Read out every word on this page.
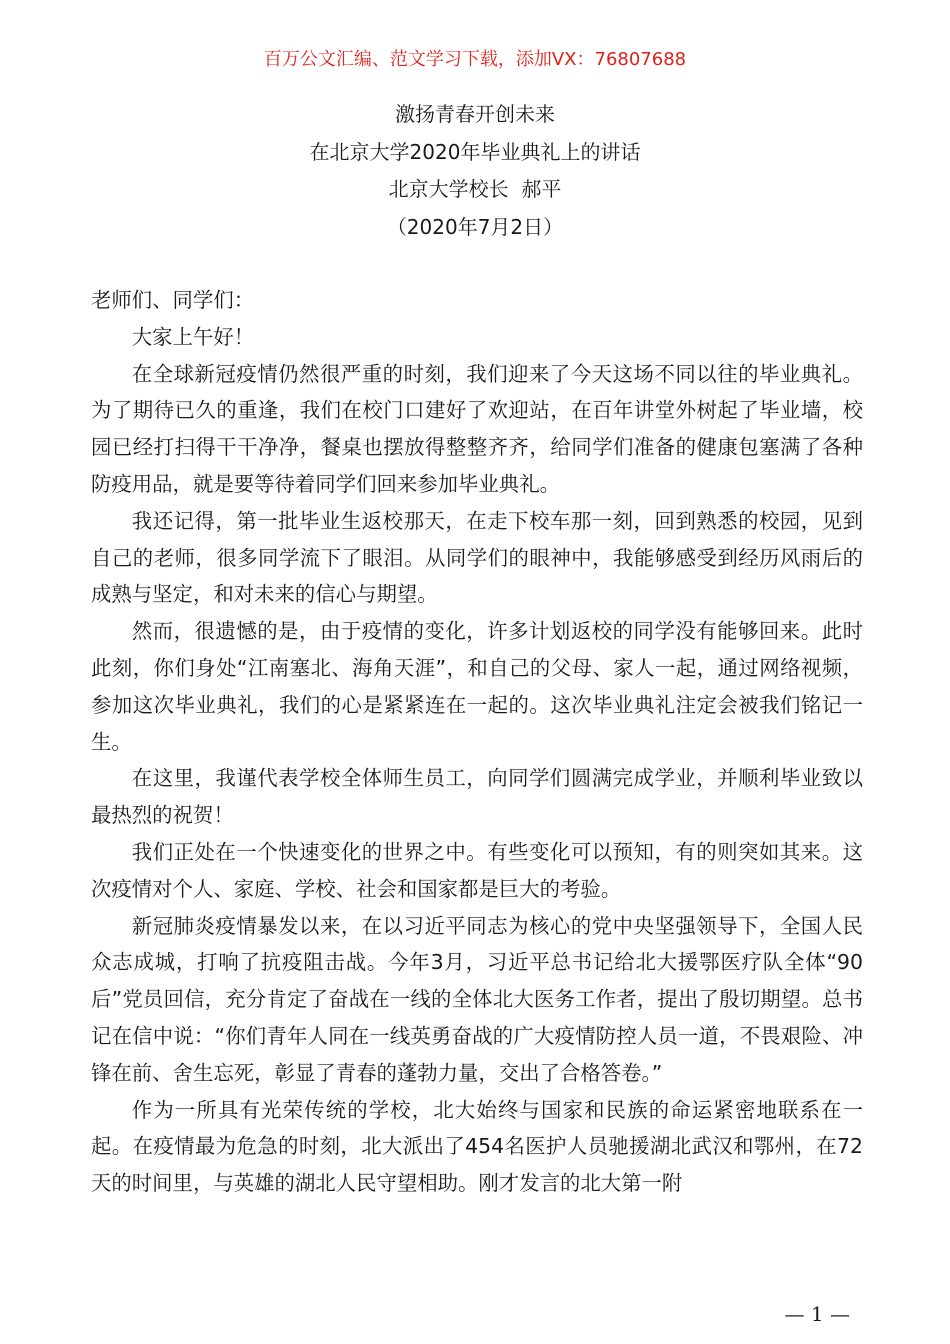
百万公文汇编、范文学习下载，添加VX：76807688
激扬青春开创未来
在北京大学2020年毕业典礼上的讲话
北京大学校长  郝平
（2020年7月2日）

老师们、同学们：

大家上午好！

在全球新冠疫情仍然很严重的时刻，我们迎来了今天这场不同以往的毕业典礼。为了期待已久的重逢，我们在校门口建好了欢迎站，在百年讲堂外树起了毕业墙，校园已经打扫得干干净净，餐桌也摆放得整整齐齐，给同学们准备的健康包塞满了各种防疫用品，就是要等待着同学们回来参加毕业典礼。

我还记得，第一批毕业生返校那天，在走下校车那一刻，回到熟悉的校园，见到自己的老师，很多同学流下了眼泪。从同学们的眼神中，我能够感受到经历风雨后的成熟与坚定，和对未来的信心与期望。

然而，很遗憾的是，由于疫情的变化，许多计划返校的同学没有能够回来。此时此刻，你们身处“江南塞北、海角天涯”，和自己的父母、家人一起，通过网络视频，参加这次毕业典礼，我们的心是紧紧连在一起的。这次毕业典礼注定会被我们铭记一生。

在这里，我谨代表学校全体师生员工，向同学们圆满完成学业，并顺利毕业致以最热烈的祝贺！

我们正处在一个快速变化的世界之中。有些变化可以预知，有的则突如其来。这次疫情对个人、家庭、学校、社会和国家都是巨大的考验。

新冠肺炎疫情暴发以来，在以习近平同志为核心的党中央坚强领导下，全国人民众志成城，打响了抗疫阻击战。今年3月，习近平总书记给北大援鄂医疗队全体“90后”党员回信，充分肯定了奋战在一线的全体北大医务工作者，提出了殷切期望。总书记在信中说：“你们青年人同在一线英勇奋战的广大疫情防控人员一道，不畏艰险、冲锋在前、舍生忘死，彰显了青春的蓬勃力量，交出了合格答卷。”

作为一所具有光荣传统的学校，北大始终与国家和民族的命运紧密地联系在一起。在疫情最为危急的时刻，北大派出了454名医护人员驰援湖北武汉和鄂州，在72天的时间里，与英雄的湖北人民守望相助。刚才发言的北大第一附

— 1 —
